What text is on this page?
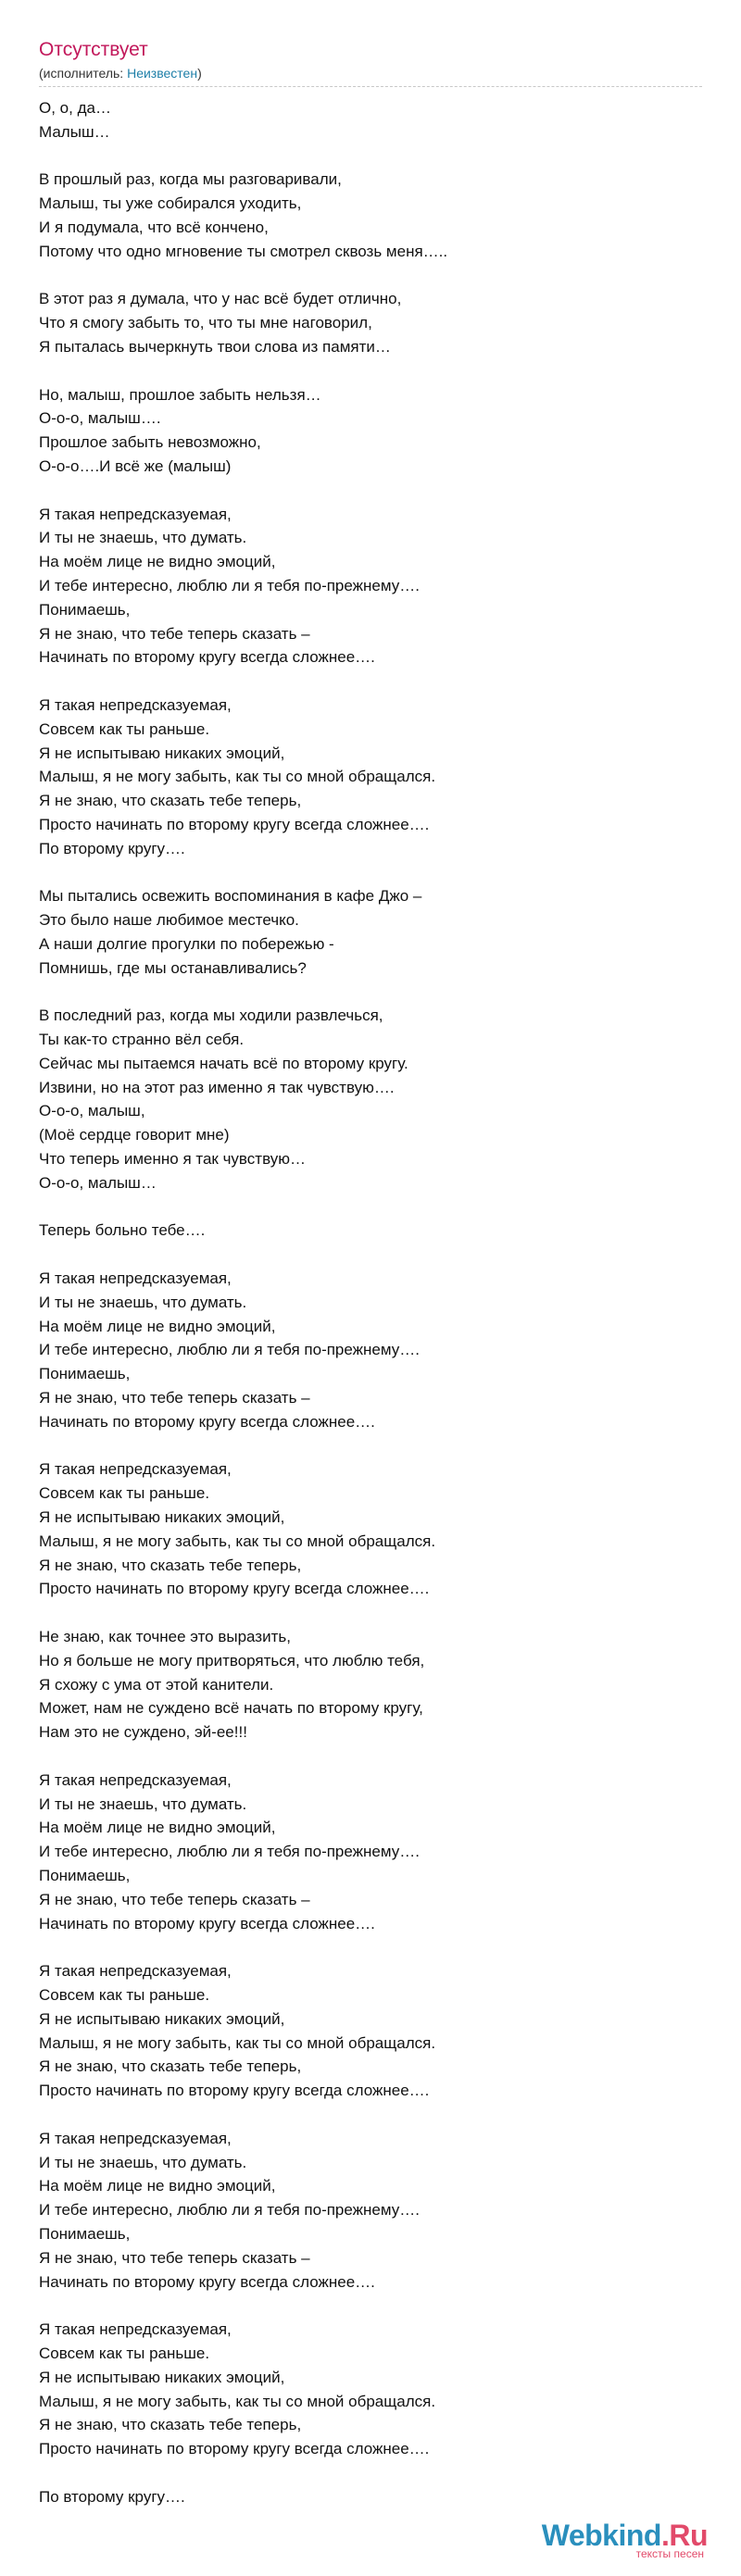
Отсутствует
(исполнитель: Неизвестен)
О, о, да…
Малыш…
В прошлый раз, когда мы разговаривали,
Малыш, ты уже собирался уходить,
И я подумала, что всё кончено,
Потому что одно мгновение ты смотрел сквозь меня…..
В этот раз я думала, что у нас всё будет отлично,
Что я смогу забыть то, что ты мне наговорил,
Я пыталась вычеркнуть твои слова из памяти…
Но, малыш, прошлое забыть нельзя…
О-о-о, малыш….
Прошлое забыть невозможно,
О-о-о….И всё же (малыш)
Я такая непредсказуемая,
И ты не знаешь, что думать.
На моём лице не видно эмоций,
И тебе интересно, люблю ли я тебя по-прежнему….
Понимаешь,
Я не знаю, что тебе теперь сказать –
Начинать по второму кругу всегда сложнее….
Я такая непредсказуемая,
Совсем как ты раньше.
Я не испытываю никаких эмоций,
Малыш, я не могу забыть, как ты со мной обращался.
Я не знаю, что сказать тебе теперь,
Просто начинать по второму кругу всегда сложнее….
По второму кругу….
Мы пытались освежить воспоминания в кафе Джо –
Это было наше любимое местечко.
А наши долгие прогулки по побережью -
Помнишь, где мы останавливались?
В последний раз, когда мы ходили развлечься,
Ты как-то странно вёл себя.
Сейчас мы пытаемся начать всё по второму кругу.
Извини, но на этот раз именно я так чувствую….
О-о-о, малыш,
(Моё сердце говорит мне)
Что теперь именно я так чувствую…
О-о-о, малыш…
Теперь больно тебе….
Я такая непредсказуемая,
И ты не знаешь, что думать.
На моём лице не видно эмоций,
И тебе интересно, люблю ли я тебя по-прежнему….
Понимаешь,
Я не знаю, что тебе теперь сказать –
Начинать по второму кругу всегда сложнее….
Я такая непредсказуемая,
Совсем как ты раньше.
Я не испытываю никаких эмоций,
Малыш, я не могу забыть, как ты со мной обращался.
Я не знаю, что сказать тебе теперь,
Просто начинать по второму кругу всегда сложнее….
Не знаю, как точнее это выразить,
Но я больше не могу притворяться, что люблю тебя,
Я схожу с ума от этой канители.
Может, нам не суждено всё начать по второму кругу,
Нам это не суждено, эй-ее!!!
Я такая непредсказуемая,
И ты не знаешь, что думать.
На моём лице не видно эмоций,
И тебе интересно, люблю ли я тебя по-прежнему….
Понимаешь,
Я не знаю, что тебе теперь сказать –
Начинать по второму кругу всегда сложнее….
Я такая непредсказуемая,
Совсем как ты раньше.
Я не испытываю никаких эмоций,
Малыш, я не могу забыть, как ты со мной обращался.
Я не знаю, что сказать тебе теперь,
Просто начинать по второму кругу всегда сложнее….
Я такая непредсказуемая,
И ты не знаешь, что думать.
На моём лице не видно эмоций,
И тебе интересно, люблю ли я тебя по-прежнему….
Понимаешь,
Я не знаю, что тебе теперь сказать –
Начинать по второму кругу всегда сложнее….
Я такая непредсказуемая,
Совсем как ты раньше.
Я не испытываю никаких эмоций,
Малыш, я не могу забыть, как ты со мной обращался.
Я не знаю, что сказать тебе теперь,
Просто начинать по второму кругу всегда сложнее….
По второму кругу….
Webkind.Ru
тексты песен
